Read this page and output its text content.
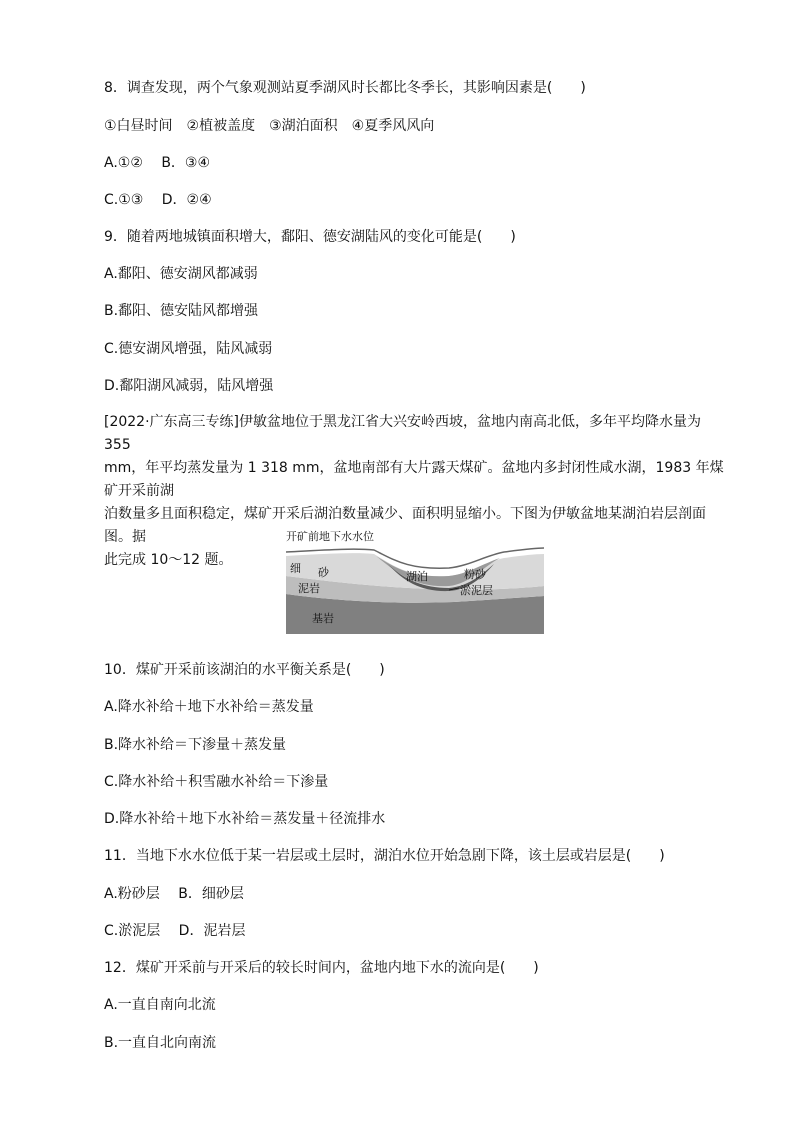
8．调查发现，两个气象观测站夏季湖风时长都比冬季长，其影响因素是(　　)
①白昼时间　②植被盖度　③湖泊面积　④夏季风风向
A.①②　 B．③④
C.①③　 D．②④
9．随着两地城镇面积增大，鄱阳、德安湖陆风的变化可能是(　　)
A.鄱阳、德安湖风都减弱
B.鄱阳、德安陆风都增强
C.德安湖风增强，陆风减弱
D.鄱阳湖风减弱，陆风增强

[2022·广东高三专练]伊敏盆地位于黑龙江省大兴安岭西坡，盆地内南高北低，多年平均降水量为 355

mm，年平均蒸发量为 1 318 mm，盆地南部有大片露天煤矿。盆地内多封闭性咸水湖，1983 年煤矿开采前湖

泊数量多且面积稳定，煤矿开采后湖泊数量减少、面积明显缩小。下图为伊敏盆地某湖泊岩层剖面图。据

此完成 10～12 题。

开矿前地下水水位
细 砂	湖泊	粉砂
淤泥层
泥岩
基岩
10．煤矿开采前该湖泊的水平衡关系是(　　)
A.降水补给＋地下水补给＝蒸发量
B.降水补给＝下渗量＋蒸发量
C.降水补给＋积雪融水补给＝下渗量
D.降水补给＋地下水补给＝蒸发量＋径流排水
11．当地下水水位低于某一岩层或土层时，湖泊水位开始急剧下降，该土层或岩层是(　　)
A.粉砂层　 B．细砂层
C.淤泥层　 D．泥岩层
12．煤矿开采前与开采后的较长时间内，盆地内地下水的流向是(　　)
A.一直自南向北流
B.一直自北向南流
